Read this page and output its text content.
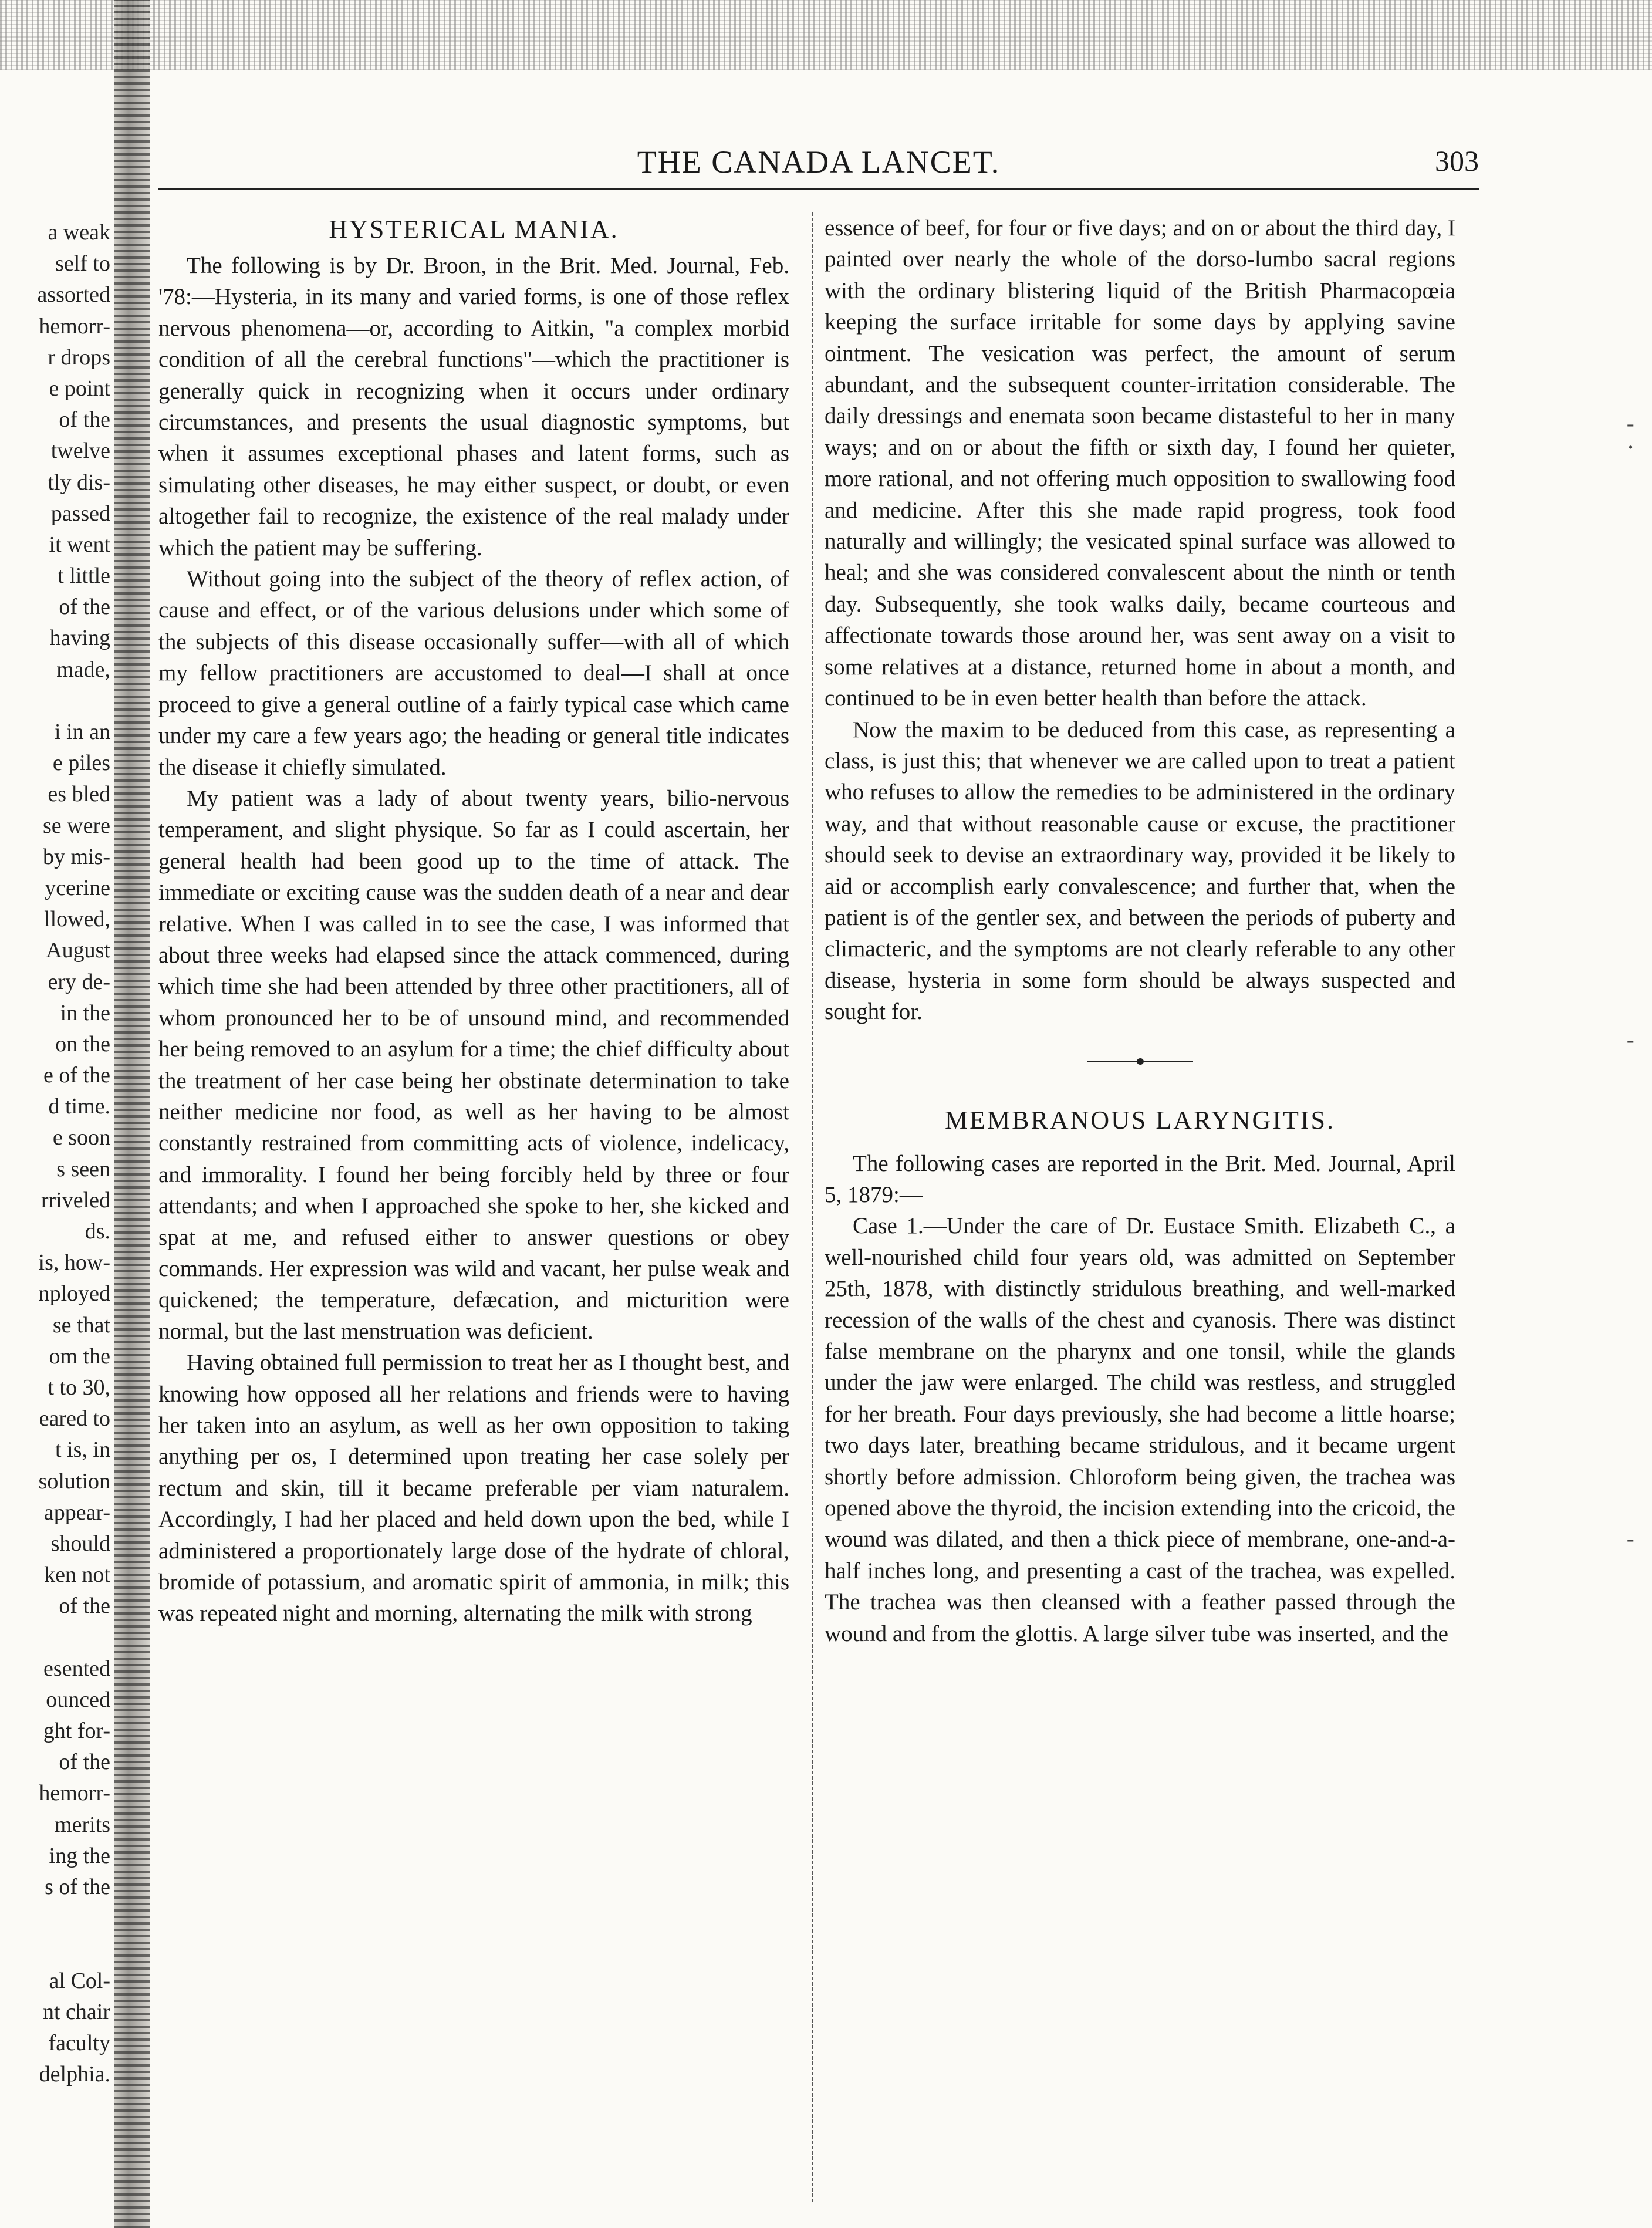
a weak
self to
assorted
hemorr-
r drops
e point
of the
twelve
tly dis-
passed
it went
t little
of the
having
made,
i in an
e piles
es bled
se were
by mis-
ycerine
llowed,
August
ery de-
in the
on the
e of the
d time.
e soon
s seen
rriveled
ds.
is, how-
nployed
se that
om the
t to 30,
eared to
t is, in
solution
appear-
should
ken not
of the
esented
ounced
ght for-
of the
hemorr-
merits
ing the
s of the
al Col-
nt chair
faculty
delphia.
-
·
-
-
THE CANADA LANCET.	303
HYSTERICAL MANIA.

The following is by Dr. Broon, in the Brit. Med. Journal, Feb. '78:—Hysteria, in its many and varied forms, is one of those reflex nervous phenomena—or, according to Aitkin, "a complex morbid condition of all the cerebral functions"—which the practitioner is generally quick in recognizing when it occurs under ordinary circumstances, and presents the usual diagnostic symptoms, but when it assumes exceptional phases and latent forms, such as simulating other diseases, he may either suspect, or doubt, or even altogether fail to recognize, the existence of the real malady under which the patient may be suffering.

Without going into the subject of the theory of reflex action, of cause and effect, or of the various delusions under which some of the subjects of this disease occasionally suffer—with all of which my fellow practitioners are accustomed to deal—I shall at once proceed to give a general outline of a fairly typical case which came under my care a few years ago; the heading or general title indicates the disease it chiefly simulated.

My patient was a lady of about twenty years, bilio-nervous temperament, and slight physique. So far as I could ascertain, her general health had been good up to the time of attack. The immediate or exciting cause was the sudden death of a near and dear relative. When I was called in to see the case, I was informed that about three weeks had elapsed since the attack commenced, during which time she had been attended by three other practitioners, all of whom pronounced her to be of unsound mind, and recommended her being removed to an asylum for a time; the chief difficulty about the treatment of her case being her obstinate determination to take neither medicine nor food, as well as her having to be almost constantly restrained from committing acts of violence, indelicacy, and immorality. I found her being forcibly held by three or four attendants; and when I approached she spoke to her, she kicked and spat at me, and refused either to answer questions or obey commands. Her expression was wild and vacant, her pulse weak and quickened; the temperature, defæcation, and micturition were normal, but the last menstruation was deficient.

Having obtained full permission to treat her as I thought best, and knowing how opposed all her relations and friends were to having her taken into an asylum, as well as her own opposition to taking anything per os, I determined upon treating her case solely per rectum and skin, till it became preferable per viam naturalem. Accordingly, I had her placed and held down upon the bed, while I administered a proportionately large dose of the hydrate of chloral, bromide of potassium, and aromatic spirit of ammonia, in milk; this was repeated night and morning, alternating the milk with strong

essence of beef, for four or five days; and on or about the third day, I painted over nearly the whole of the dorso-lumbo sacral regions with the ordinary blistering liquid of the British Pharmacopœia keeping the surface irritable for some days by applying savine ointment. The vesication was perfect, the amount of serum abundant, and the subsequent counter-irritation considerable. The daily dressings and enemata soon became distasteful to her in many ways; and on or about the fifth or sixth day, I found her quieter, more rational, and not offering much opposition to swallowing food and medicine. After this she made rapid progress, took food naturally and willingly; the vesicated spinal surface was allowed to heal; and she was considered convalescent about the ninth or tenth day. Subsequently, she took walks daily, became courteous and affectionate towards those around her, was sent away on a visit to some relatives at a distance, returned home in about a month, and continued to be in even better health than before the attack.

Now the maxim to be deduced from this case, as representing a class, is just this; that whenever we are called upon to treat a patient who refuses to allow the remedies to be administered in the ordinary way, and that without reasonable cause or excuse, the practitioner should seek to devise an extraordinary way, provided it be likely to aid or accomplish early convalescence; and further that, when the patient is of the gentler sex, and between the periods of puberty and climacteric, and the symptoms are not clearly referable to any other disease, hysteria in some form should be always suspected and sought for.

MEMBRANOUS LARYNGITIS.

The following cases are reported in the Brit. Med. Journal, April 5, 1879:—

Case 1.—Under the care of Dr. Eustace Smith. Elizabeth C., a well-nourished child four years old, was admitted on September 25th, 1878, with distinctly stridulous breathing, and well-marked recession of the walls of the chest and cyanosis. There was distinct false membrane on the pharynx and one tonsil, while the glands under the jaw were enlarged. The child was restless, and struggled for her breath. Four days previously, she had become a little hoarse; two days later, breathing became stridulous, and it became urgent shortly before admission. Chloroform being given, the trachea was opened above the thyroid, the incision extending into the cricoid, the wound was dilated, and then a thick piece of membrane, one-and-a-half inches long, and presenting a cast of the trachea, was expelled. The trachea was then cleansed with a feather passed through the wound and from the glottis. A large silver tube was inserted, and the
